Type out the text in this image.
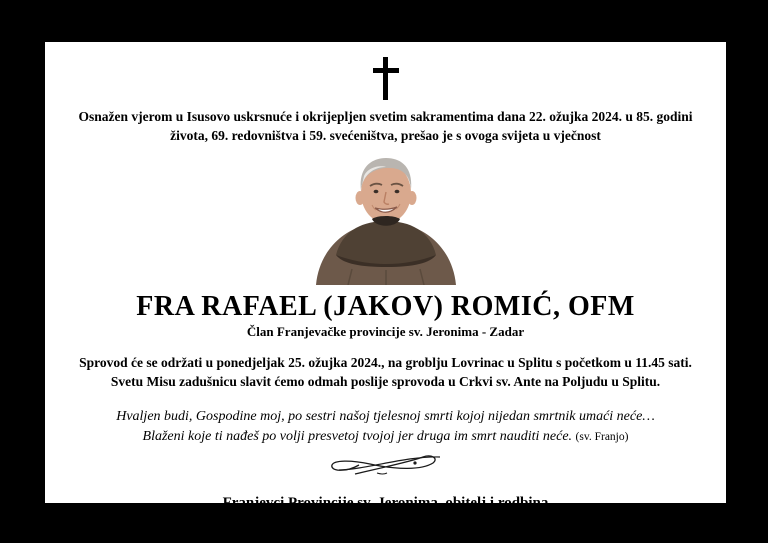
Osnažen vjerom u Isusovo uskrsnuće i okrijepljen svetim sakramentima dana 22. ožujka 2024. u 85. godini
života, 69. redovništva i 59. svećeništva, prešao je s ovoga svijeta u vječnost
FRA RAFAEL (JAKOV) ROMIĆ, OFM
Član Franjevačke provincije sv. Jeronima - Zadar
Sprovod će se održati u ponedjeljak 25. ožujka 2024., na groblju Lovrinac u Splitu s početkom u 11.45 sati.
Svetu Misu zadušnicu slavit ćemo odmah poslije sprovoda u Crkvi sv. Ante na Poljudu u Splitu.
Hvaljen budi, Gospodine moj, po sestri našoj tjelesnoj smrti kojoj nijedan smrtnik umaći neće…
Blaženi koje ti nađeš po volji presvetoj tvojoj jer druga im smrt nauditi neće. (sv. Franjo)
Franjevci Provincije sv. Jeronima, obitelj i rodbina
